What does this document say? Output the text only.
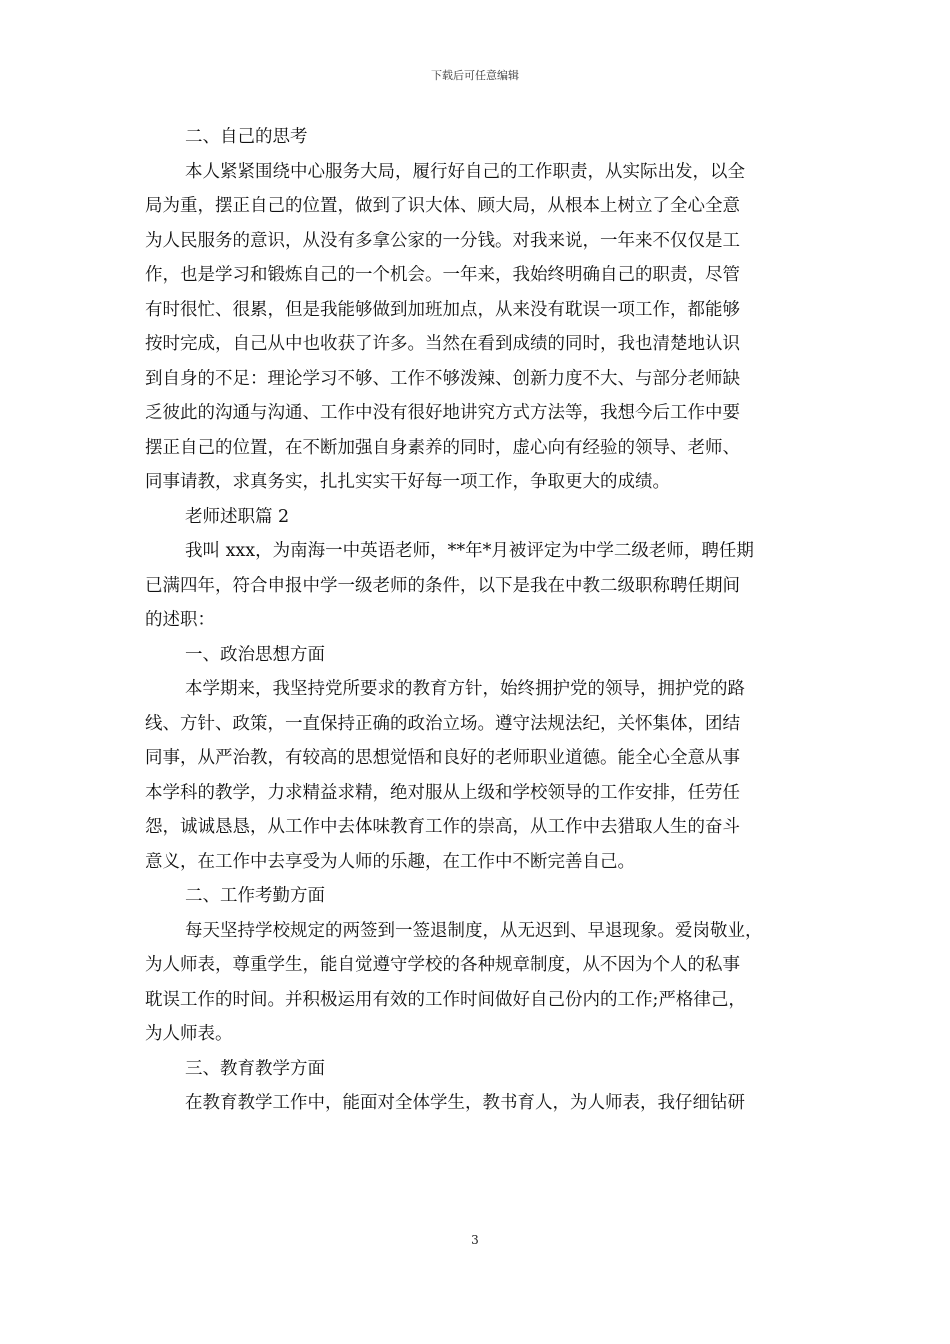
下载后可任意编辑
二、自己的思考
本人紧紧围绕中心服务大局，履行好自己的工作职责，从实际出发，以全
局为重，摆正自己的位置，做到了识大体、顾大局，从根本上树立了全心全意
为人民服务的意识，从没有多拿公家的一分钱。对我来说，一年来不仅仅是工
作，也是学习和锻炼自己的一个机会。一年来，我始终明确自己的职责，尽管
有时很忙、很累，但是我能够做到加班加点，从来没有耽误一项工作，都能够
按时完成，自己从中也收获了许多。当然在看到成绩的同时，我也清楚地认识
到自身的不足：理论学习不够、工作不够泼辣、创新力度不大、与部分老师缺
乏彼此的沟通与沟通、工作中没有很好地讲究方式方法等，我想今后工作中要
摆正自己的位置，在不断加强自身素养的同时，虚心向有经验的领导、老师、
同事请教，求真务实，扎扎实实干好每一项工作，争取更大的成绩。
老师述职篇 2
我叫 xxx，为南海一中英语老师，**年*月被评定为中学二级老师，聘任期
已满四年，符合申报中学一级老师的条件，以下是我在中教二级职称聘任期间
的述职：
一、政治思想方面
本学期来，我坚持党所要求的教育方针，始终拥护党的领导，拥护党的路
线、方针、政策，一直保持正确的政治立场。遵守法规法纪，关怀集体，团结
同事，从严治教，有较高的思想觉悟和良好的老师职业道德。能全心全意从事
本学科的教学，力求精益求精，绝对服从上级和学校领导的工作安排，任劳任
怨，诚诚恳恳，从工作中去体味教育工作的崇高，从工作中去猎取人生的奋斗
意义，在工作中去享受为人师的乐趣，在工作中不断完善自己。
二、工作考勤方面
每天坚持学校规定的两签到一签退制度，从无迟到、早退现象。爱岗敬业，
为人师表，尊重学生，能自觉遵守学校的各种规章制度，从不因为个人的私事
耽误工作的时间。并积极运用有效的工作时间做好自己份内的工作;严格律己，
为人师表。
三、教育教学方面
在教育教学工作中，能面对全体学生，教书育人，为人师表，我仔细钻研
3
